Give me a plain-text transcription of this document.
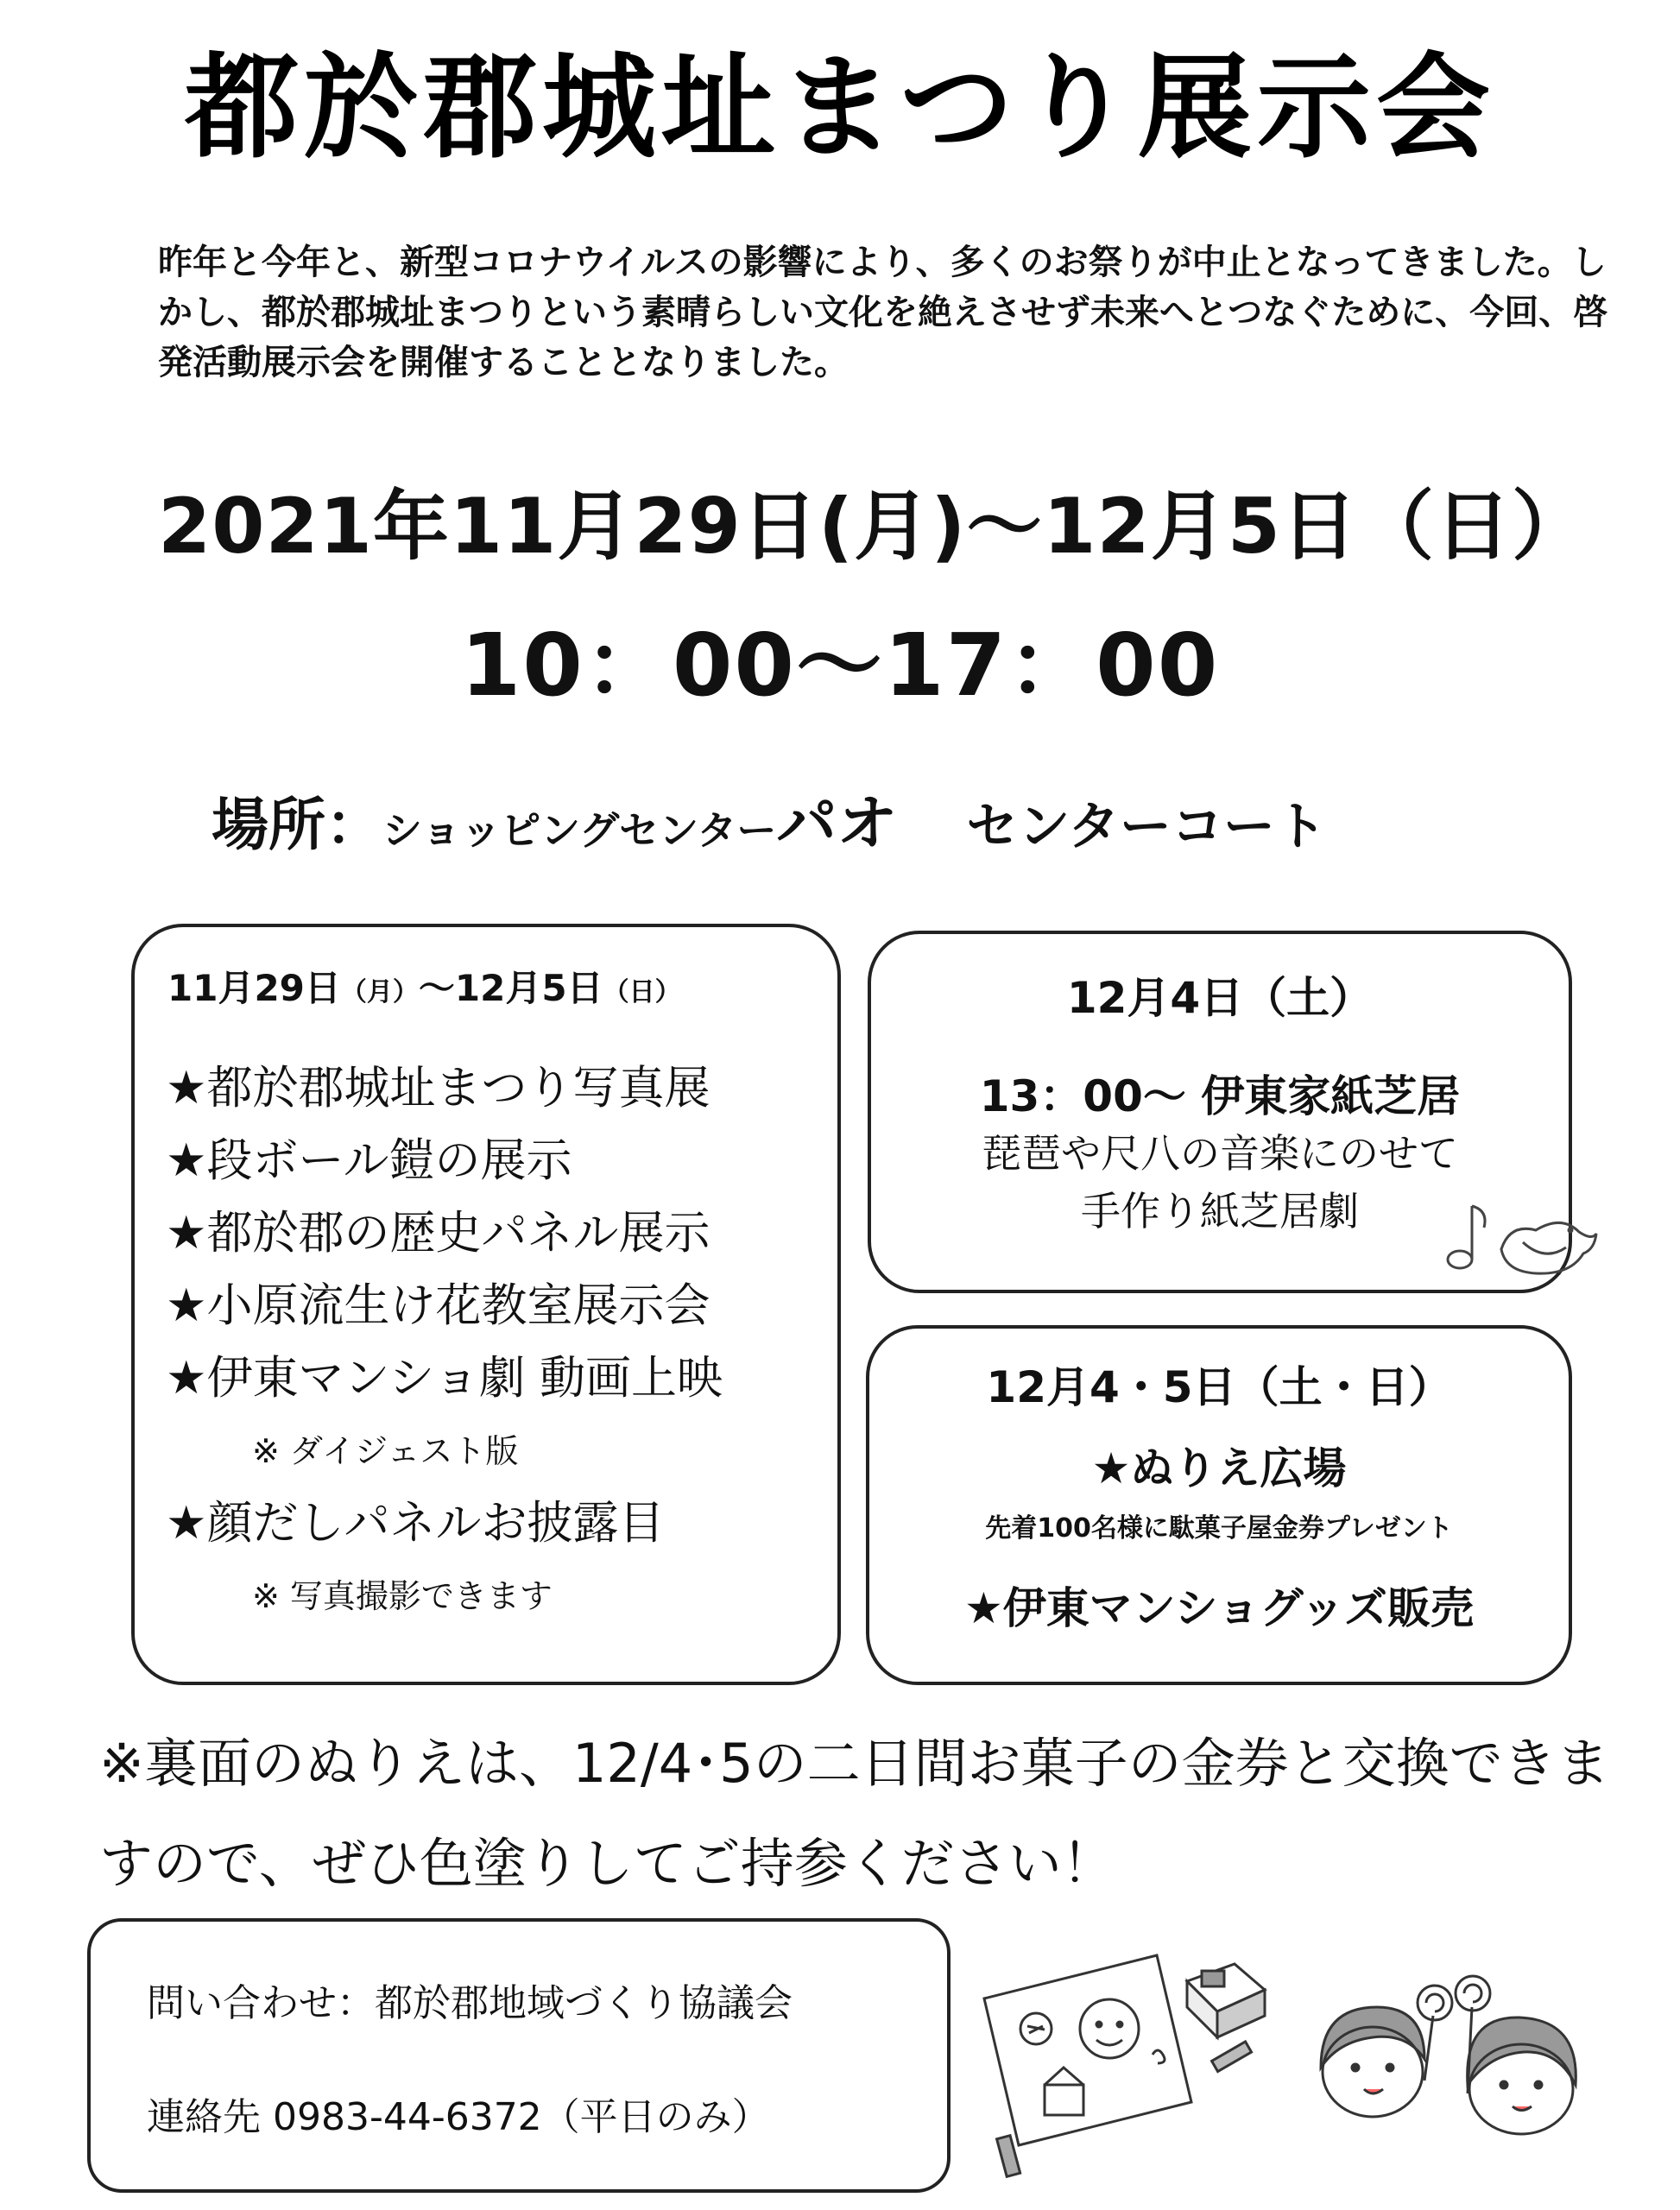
都於郡城址まつり展示会
昨年と今年と、新型コロナウイルスの影響により、多くのお祭りが中止となってきました。しかし、都於郡城址まつりという素晴らしい文化を絶えさせず未来へとつなぐために、今回、啓発活動展示会を開催することとなりました。
2021年11月29日(月)～12月5日（日）
10：00～17：00
場所：ショッピングセンターパオ センターコート
11月29日（月）～12月5日（日）
★都於郡城址まつり写真展
★段ボール鎧の展示
★都於郡の歴史パネル展示
★小原流生け花教室展示会
★伊東マンショ劇 動画上映
※ ダイジェスト版
★顔だしパネルお披露目
※ 写真撮影できます
12月4日（土）
13：00～ 伊東家紙芝居
琵琶や尺八の音楽にのせて
手作り紙芝居劇
12月4・5日（土・日）
★ぬりえ広場
先着100名様に駄菓子屋金券プレゼント
★伊東マンショグッズ販売
※裏面のぬりえは、12/4･5の二日間お菓子の金券と交換できますので、ぜひ色塗りしてご持参ください！
問い合わせ：都於郡地域づくり協議会
連絡先 0983-44-6372（平日のみ）
